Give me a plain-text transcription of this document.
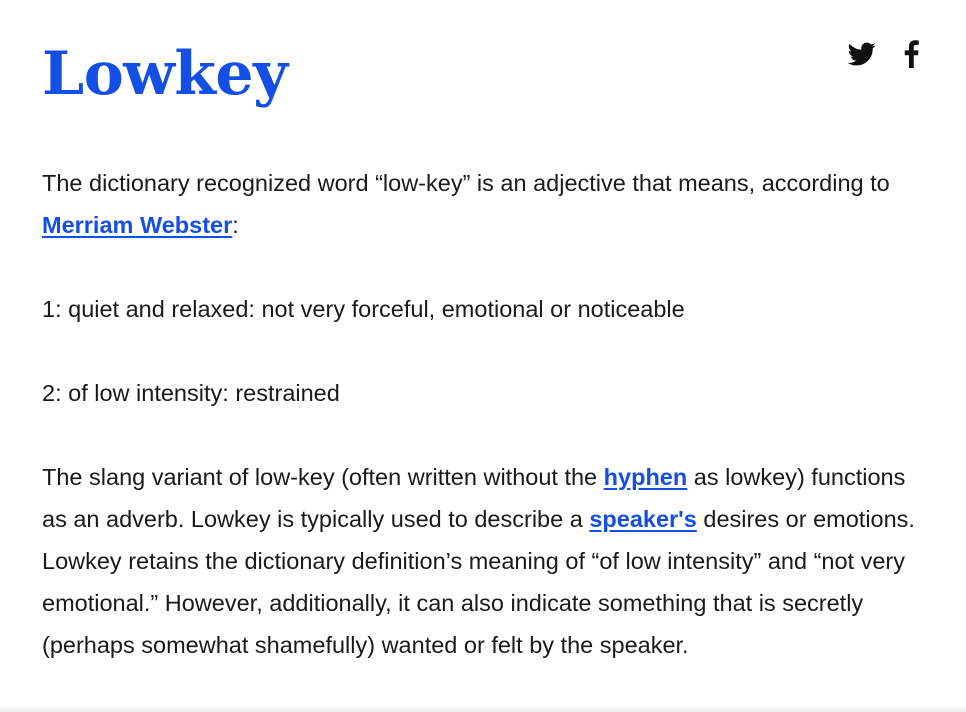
Lowkey

The dictionary recognized word “low-key” is an adjective that means, according to Merriam Webster:

1: quiet and relaxed: not very forceful, emotional or noticeable

2: of low intensity: restrained

The slang variant of low-key (often written without the hyphen as lowkey) functions as an adverb. Lowkey is typically used to describe a speaker's desires or emotions. Lowkey retains the dictionary definition’s meaning of “of low intensity” and “not very emotional.” However, additionally, it can also indicate something that is secretly (perhaps somewhat shamefully) wanted or felt by the speaker.
